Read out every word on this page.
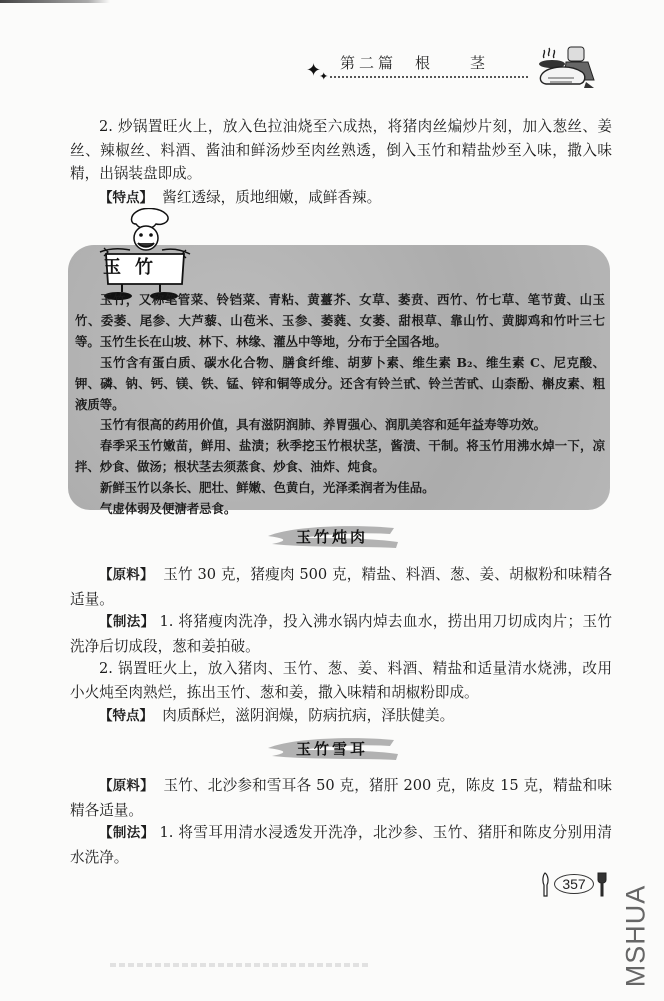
$✦_✦$
第二篇 根 茎
2. 炒锅置旺火上，放入色拉油烧至六成热，将猪肉丝煸炒片刻，加入葱丝、姜丝、辣椒丝、料酒、酱油和鲜汤炒至肉丝熟透，倒入玉竹和精盐炒至入味，撒入味精，出锅装盘即成。
【特点】 酱红透绿，质地细嫩，咸鲜香辣。
玉竹

玉竹，又称笔管菜、铃铛菜、青粘、黄薹芥、女草、萎贲、西竹、竹七草、笔节黄、山玉竹、委萎、尾参、大芦藜、山苞米、玉参、萎蕤、女萎、甜根草、靠山竹、黄脚鸡和竹叶三七等。玉竹生长在山坡、林下、林缘、灌丛中等地，分布于全国各地。

玉竹含有蛋白质、碳水化合物、膳食纤维、胡萝卜素、维生素 B₂、维生素 C、尼克酸、钾、磷、钠、钙、镁、铁、锰、锌和铜等成分。还含有铃兰甙、铃兰苦甙、山柰酚、槲皮素、粗液质等。

玉竹有很高的药用价值，具有滋阴润肺、养胃强心、润肌美容和延年益寿等功效。

春季采玉竹嫩苗，鲜用、盐渍；秋季挖玉竹根状茎，酱渍、干制。将玉竹用沸水焯一下，凉拌、炒食、做汤；根状茎去须蒸食、炒食、油炸、炖食。

新鲜玉竹以条长、肥壮、鲜嫩、色黄白，光泽柔润者为佳品。

气虚体弱及便溏者忌食。

玉竹炖肉
【原料】 玉竹 30 克，猪瘦肉 500 克，精盐、料酒、葱、姜、胡椒粉和味精各适量。
【制法】 1. 将猪瘦肉洗净，投入沸水锅内焯去血水，捞出用刀切成肉片；玉竹洗净后切成段，葱和姜拍破。
2. 锅置旺火上，放入猪肉、玉竹、葱、姜、料酒、精盐和适量清水烧沸，改用小火炖至肉熟烂，拣出玉竹、葱和姜，撒入味精和胡椒粉即成。
【特点】 肉质酥烂，滋阴润燥，防病抗病，泽肤健美。
玉竹雪耳
【原料】 玉竹、北沙参和雪耳各 50 克，猪肝 200 克，陈皮 15 克，精盐和味精各适量。
【制法】 1. 将雪耳用清水浸透发开洗净，北沙参、玉竹、猪肝和陈皮分别用清水洗净。
357
MSHUA
